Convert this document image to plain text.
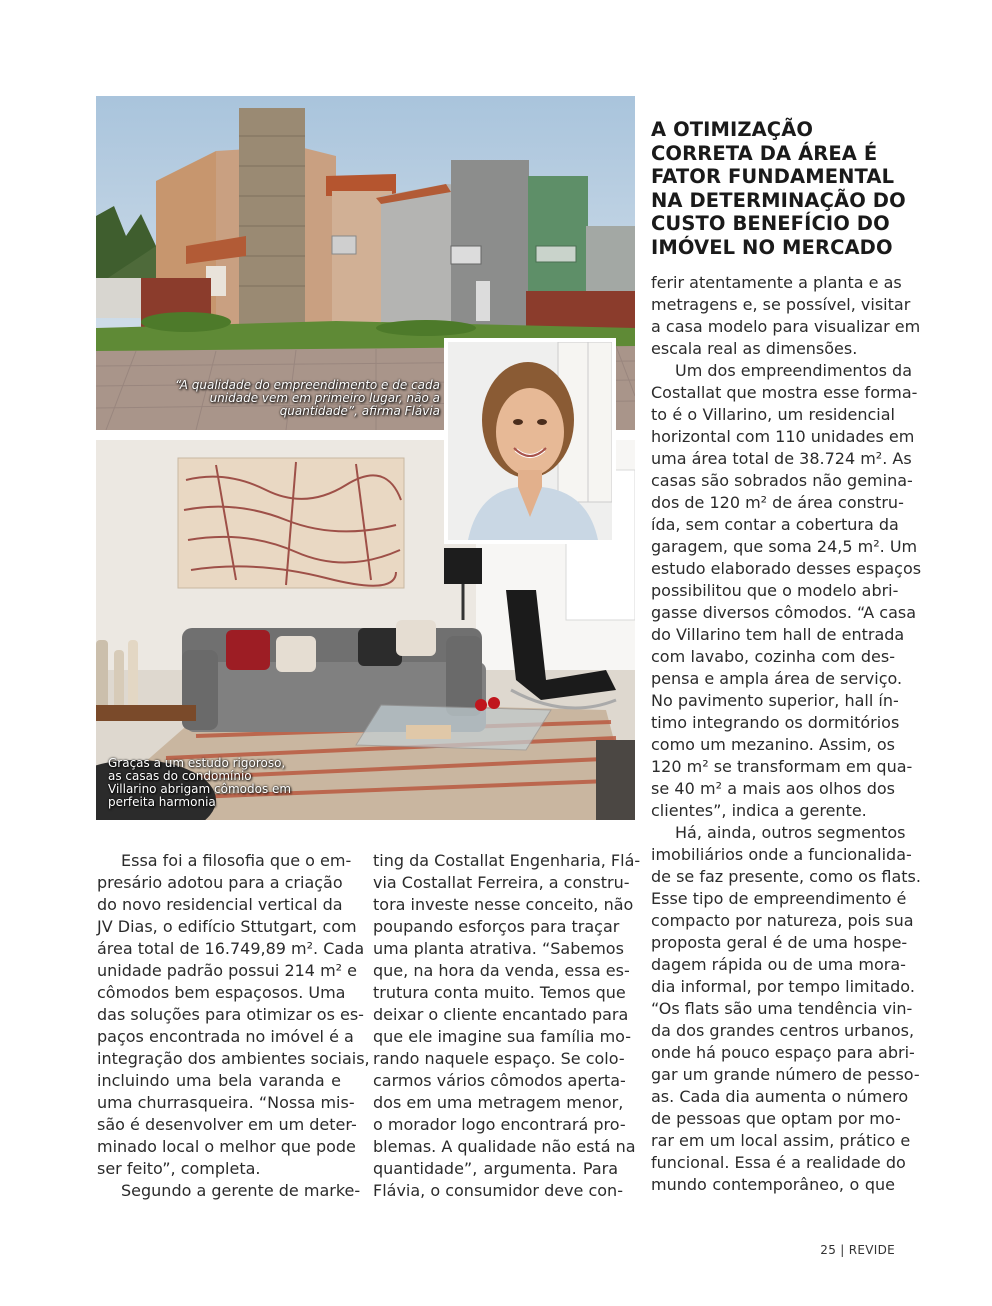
“A qualidade do empreendimento e de cada unidade vem em primeiro lugar, não a quantidade”, afirma Flávia
Graças a um estudo rigoroso, as casas do condomínio Villarino abrigam cômodos em perfeita harmonia
A OTIMIZAÇÃO CORRETA DA ÁREA É FATOR FUNDAMENTAL NA DETERMINAÇÃO DO CUSTO BENEFÍCIO DO IMÓVEL NO MERCADO

Essa foi a filosofia que o em-
presário adotou para a criação
do novo residencial vertical da
JV Dias, o edifício Sttutgart, com
área total de 16.749,89 m². Cada
unidade padrão possui 214 m² e
cômodos bem espaçosos. Uma
das soluções para otimizar os es-
paços encontrada no imóvel é a
integração dos ambientes sociais,
incluindo uma bela varanda e
uma churrasqueira. “Nossa mis-
são é desenvolver em um deter-
minado local o melhor que pode
ser feito”, completa.

Segundo a gerente de marke-

ting da Costallat Engenharia, Flá-
via Costallat Ferreira, a constru-
tora investe nesse conceito, não
poupando esforços para traçar
uma planta atrativa. “Sabemos
que, na hora da venda, essa es-
trutura conta muito. Temos que
deixar o cliente encantado para
que ele imagine sua família mo-
rando naquele espaço. Se colo-
carmos vários cômodos aperta-
dos em uma metragem menor,
o morador logo encontrará pro-
blemas. A qualidade não está na
quantidade”, argumenta. Para
Flávia, o consumidor deve con-

ferir atentamente a planta e as
metragens e, se possível, visitar
a casa modelo para visualizar em
escala real as dimensões.

Um dos empreendimentos da
Costallat que mostra esse forma-
to é o Villarino, um residencial
horizontal com 110 unidades em
uma área total de 38.724 m². As
casas são sobrados não gemina-
dos de 120 m² de área constru-
ída, sem contar a cobertura da
garagem, que soma 24,5 m². Um
estudo elaborado desses espaços
possibilitou que o modelo abri-
gasse diversos cômodos. “A casa
do Villarino tem hall de entrada
com lavabo, cozinha com des-
pensa e ampla área de serviço.
No pavimento superior, hall ín-
timo integrando os dormitórios
como um mezanino. Assim, os
120 m² se transformam em qua-
se 40 m² a mais aos olhos dos
clientes”, indica a gerente.

Há, ainda, outros segmentos
imobiliários onde a funcionalida-
de se faz presente, como os flats.
Esse tipo de empreendimento é
compacto por natureza, pois sua
proposta geral é de uma hospe-
dagem rápida ou de uma mora-
dia informal, por tempo limitado.
“Os flats são uma tendência vin-
da dos grandes centros urbanos,
onde há pouco espaço para abri-
gar um grande número de pesso-
as. Cada dia aumenta o número
de pessoas que optam por mo-
rar em um local assim, prático e
funcional. Essa é a realidade do
mundo contemporâneo, o que

25 | REVIDE
